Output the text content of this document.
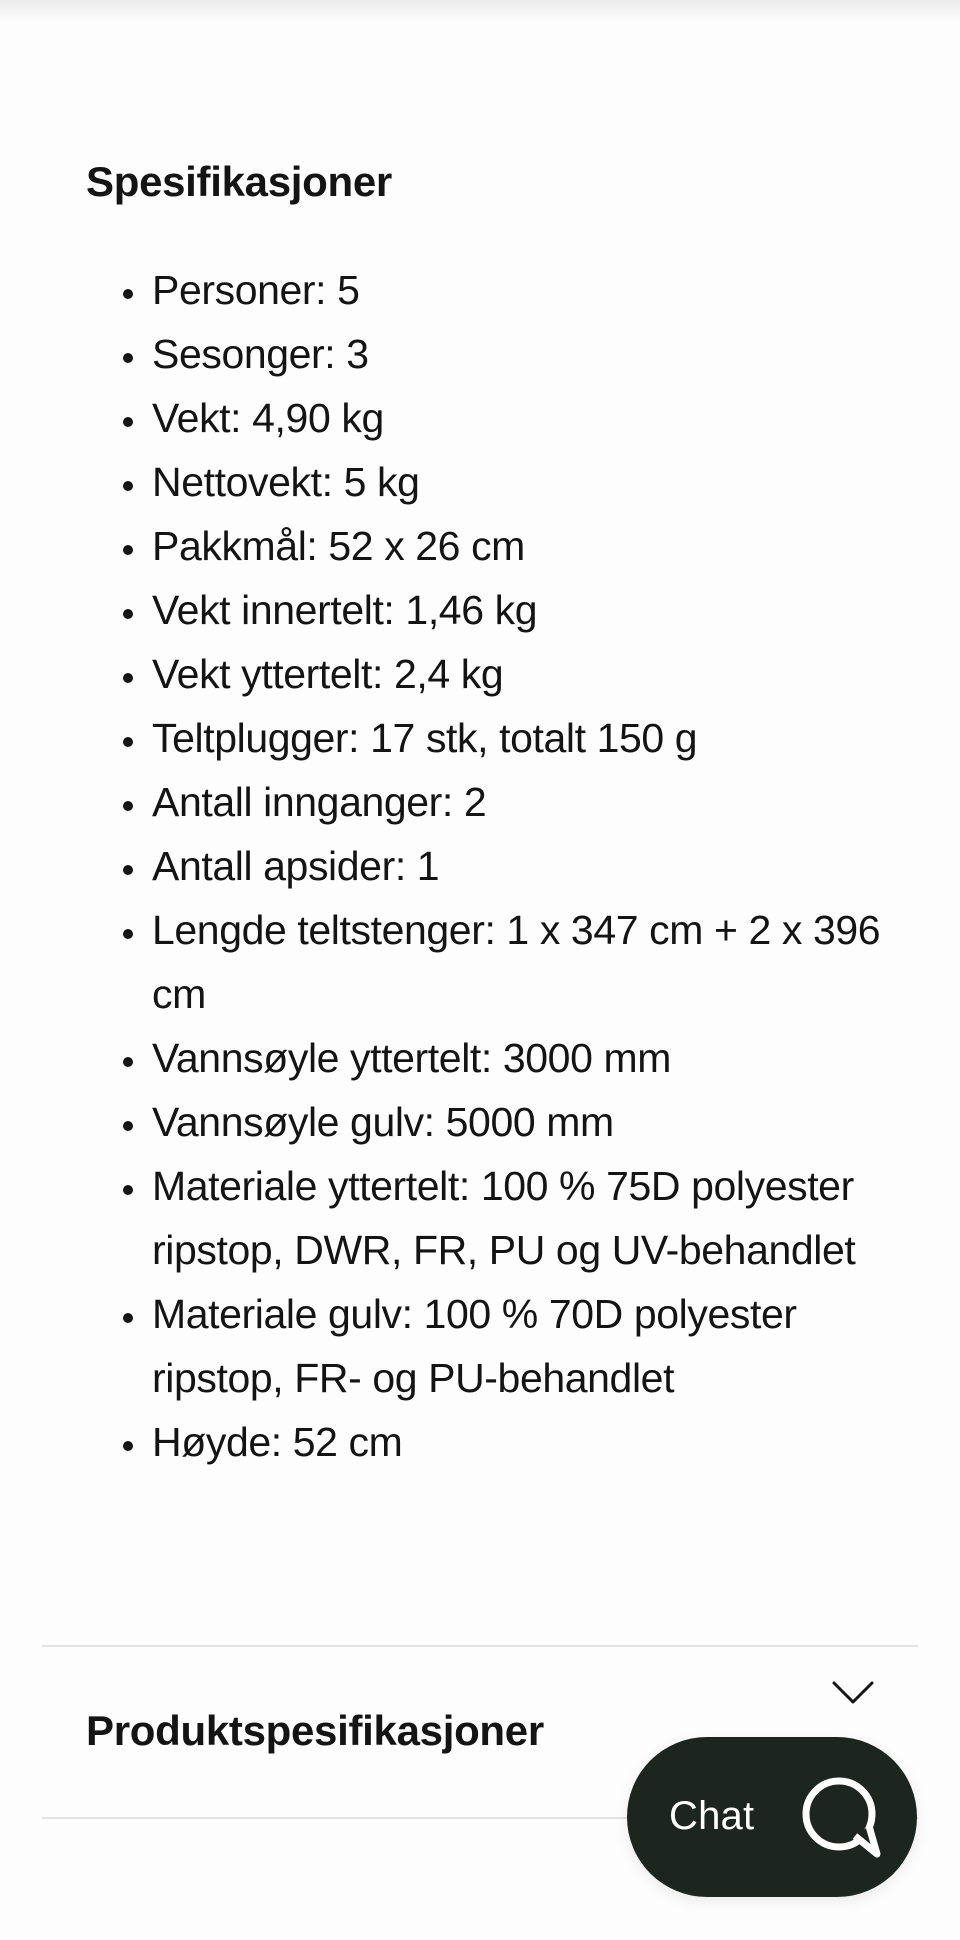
Spesifikasjoner
• Personer: 5
• Sesonger: 3
• Vekt: 4,90 kg
• Nettovekt: 5 kg
• Pakkmål: 52 x 26 cm
• Vekt innertelt: 1,46 kg
• Vekt yttertelt: 2,4 kg
• Teltplugger: 17 stk, totalt 150 g
• Antall innganger: 2
• Antall apsider: 1
• Lengde teltstenger: 1 x 347 cm + 2 x 396 cm
• Vannsøyle yttertelt: 3000 mm
• Vannsøyle gulv: 5000 mm
• Materiale yttertelt: 100 % 75D polyester ripstop, DWR, FR, PU og UV-behandlet
• Materiale gulv: 100 % 70D polyester ripstop, FR- og PU-behandlet
• Høyde: 52 cm
Produktspesifikasjoner
Chat
